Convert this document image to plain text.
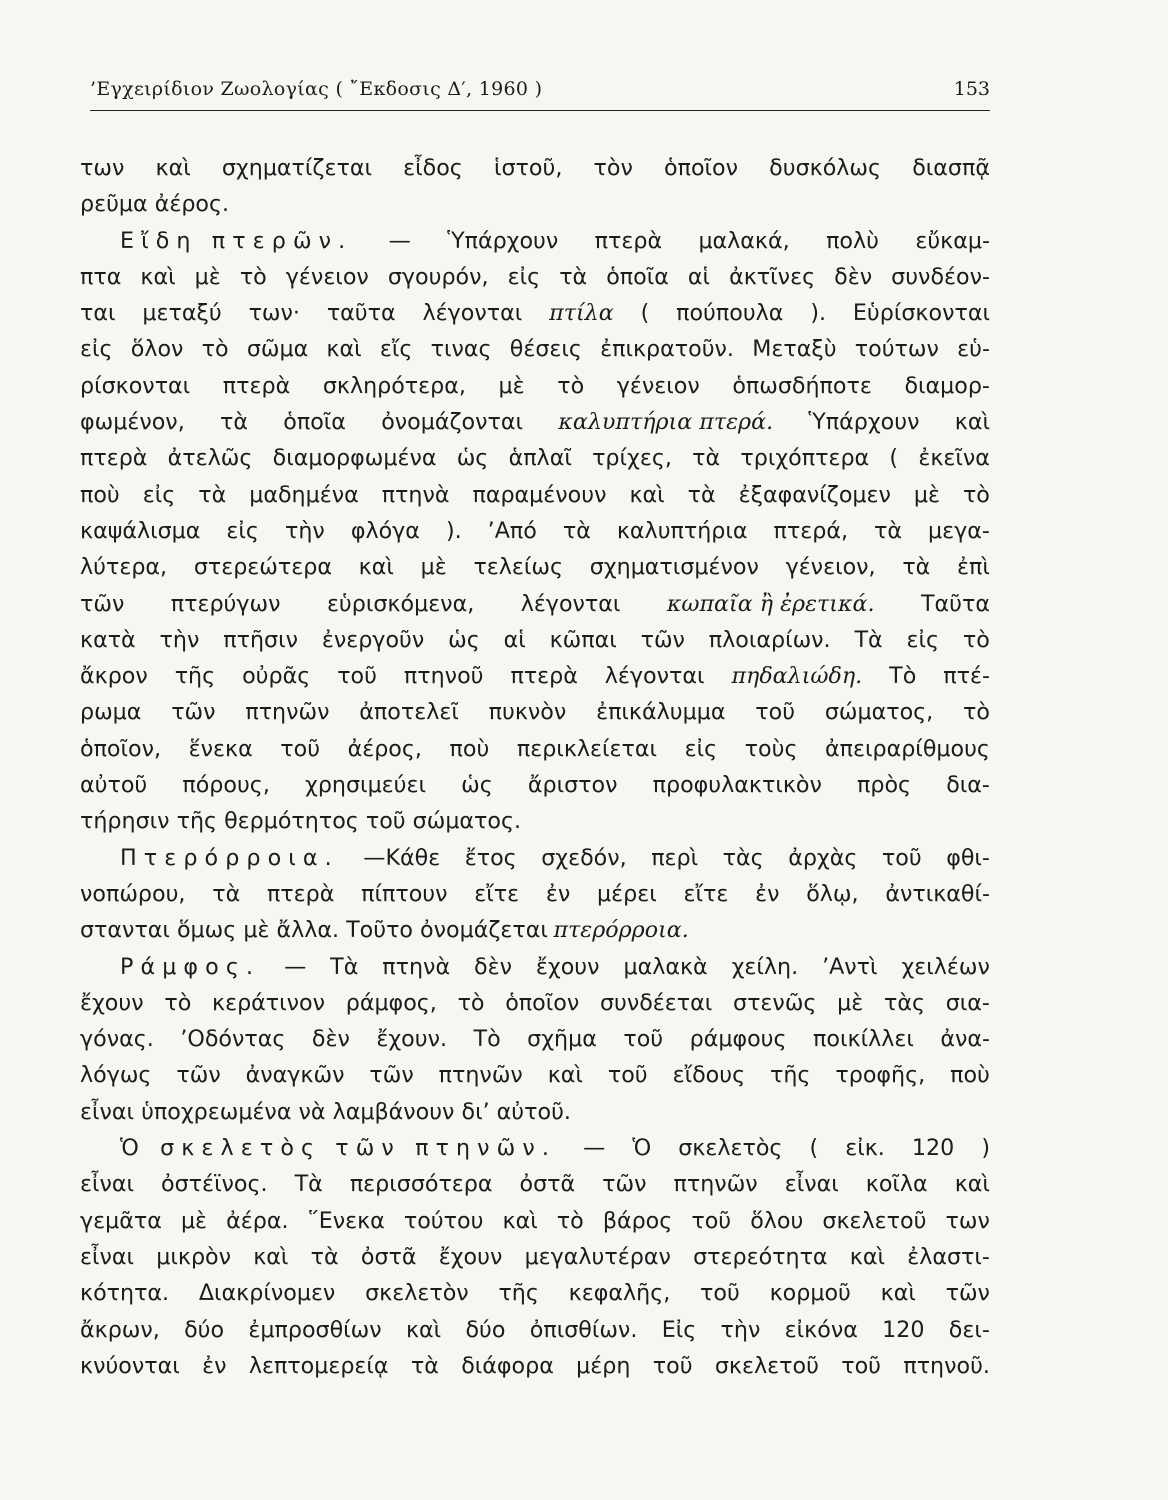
’Εγχειρίδιον Ζωολογίας ( ῎Εκδοσις Δ′, 1960 )	153
των καὶ σχηματίζεται εἶδος ἱστοῦ, τὸν ὁποῖον δυσκόλως διασπᾷ
ρεῦμα ἀέρος.
Εἴδη πτερῶν. — Ὑπάρχουν πτερὰ μαλακά, πολὺ εὔκαμ-
πτα καὶ μὲ τὸ γένειον σγουρόν, εἰς τὰ ὁποῖα αἱ ἀκτῖνες δὲν συνδέον-
ται μεταξύ των· ταῦτα λέγονται πτίλα ( πούπουλα ). Εὑρίσκονται
εἰς ὅλον τὸ σῶμα καὶ εἴς τινας θέσεις ἐπικρατοῦν. Μεταξὺ τούτων εὑ-
ρίσκονται πτερὰ σκληρότερα, μὲ τὸ γένειον ὁπωσδήποτε διαμορ-
φωμένον, τὰ ὁποῖα ὀνομάζονται καλυπτήρια πτερά. Ὑπάρχουν καὶ
πτερὰ ἀτελῶς διαμορφωμένα ὡς ἁπλαῖ τρίχες, τὰ τριχόπτερα ( ἐκεῖνα
ποὺ εἰς τὰ μαδημένα πτηνὰ παραμένουν καὶ τὰ ἐξαφανίζομεν μὲ τὸ
καψάλισμα εἰς τὴν φλόγα ). ’Από τὰ καλυπτήρια πτερά, τὰ μεγα-
λύτερα, στερεώτερα καὶ μὲ τελείως σχηματισμένον γένειον, τὰ ἐπὶ
τῶν πτερύγων εὑρισκόμενα, λέγονται κωπαῖα ἢ ἐρετικά. Ταῦτα
κατὰ τὴν πτῆσιν ἐνεργοῦν ὡς αἱ κῶπαι τῶν πλοιαρίων. Τὰ εἰς τὸ
ἄκρον τῆς οὐρᾶς τοῦ πτηνοῦ πτερὰ λέγονται πηδαλιώδη. Τὸ πτέ-
ρωμα τῶν πτηνῶν ἀποτελεῖ πυκνὸν ἐπικάλυμμα τοῦ σώματος, τὸ
ὁποῖον, ἕνεκα τοῦ ἀέρος, ποὺ περικλείεται εἰς τοὺς ἀπειραρίθμους
αὐτοῦ πόρους, χρησιμεύει ὡς ἄριστον προφυλακτικὸν πρὸς δια-
τήρησιν τῆς θερμότητος τοῦ σώματος.
Πτερόρροια. —Κάθε ἔτος σχεδόν, περὶ τὰς ἀρχὰς τοῦ φθι-
νοπώρου, τὰ πτερὰ πίπτουν εἴτε ἐν μέρει εἴτε ἐν ὅλῳ, ἀντικαθί-
στανται ὅμως μὲ ἄλλα. Τοῦτο ὀνομάζεται πτερόρροια.
Ράμφος. — Τὰ πτηνὰ δὲν ἔχουν μαλακὰ χείλη. ’Αντὶ χειλέων
ἔχουν τὸ κεράτινον ράμφος, τὸ ὁποῖον συνδέεται στενῶς μὲ τὰς σια-
γόνας. ’Οδόντας δὲν ἔχουν. Τὸ σχῆμα τοῦ ράμφους ποικίλλει ἀνα-
λόγως τῶν ἀναγκῶν τῶν πτηνῶν καὶ τοῦ εἴδους τῆς τροφῆς, ποὺ
εἶναι ὑποχρεωμένα νὰ λαμβάνουν δι’ αὐτοῦ.
Ὁ σκελετὸς τῶν πτηνῶν. — Ὁ σκελετὸς ( εἰκ. 120 )
εἶναι ὀστέϊνος. Τὰ περισσότερα ὀστᾶ τῶν πτηνῶν εἶναι κοῖλα καὶ
γεμᾶτα μὲ ἀέρα. ῞Ενεκα τούτου καὶ τὸ βάρος τοῦ ὅλου σκελετοῦ των
εἶναι μικρὸν καὶ τὰ ὀστᾶ ἔχουν μεγαλυτέραν στερεότητα καὶ ἐλαστι-
κότητα. Διακρίνομεν σκελετὸν τῆς κεφαλῆς, τοῦ κορμοῦ καὶ τῶν
ἄκρων, δύο ἐμπροσθίων καὶ δύο ὀπισθίων. Εἰς τὴν εἰκόνα 120 δει-
κνύονται ἐν λεπτομερείᾳ τὰ διάφορα μέρη τοῦ σκελετοῦ τοῦ πτηνοῦ.
